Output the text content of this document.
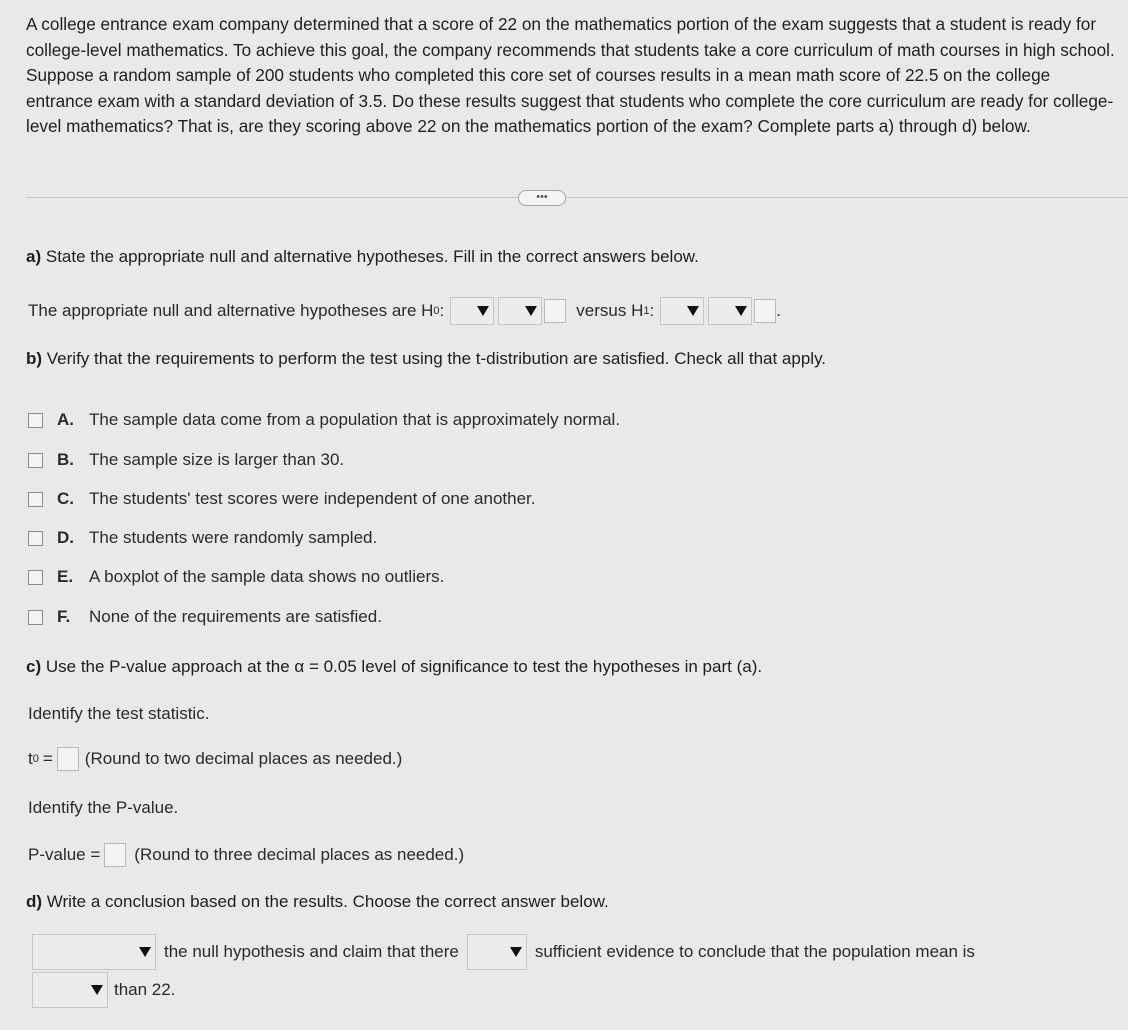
A college entrance exam company determined that a score of 22 on the mathematics portion of the exam suggests that a student is ready for college-level mathematics. To achieve this goal, the company recommends that students take a core curriculum of math courses in high school. Suppose a random sample of 200 students who completed this core set of courses results in a mean math score of 22.5 on the college entrance exam with a standard deviation of 3.5. Do these results suggest that students who complete the core curriculum are ready for college-level mathematics? That is, are they scoring above 22 on the mathematics portion of the exam? Complete parts a) through d) below.
•••
a) State the appropriate null and alternative hypotheses. Fill in the correct answers below.
The appropriate null and alternative hypotheses are H 0 :	versus H 1 :	.
b) Verify that the requirements to perform the test using the t-distribution are satisfied. Check all that apply.
A. The sample data come from a population that is approximately normal.
B. The sample size is larger than 30.
C. The students' test scores were independent of one another.
D. The students were randomly sampled.
E. A boxplot of the sample data shows no outliers.
F.	None of the requirements are satisfied.
c) Use the P-value approach at the α = 0.05 level of significance to test the hypotheses in part (a).
Identify the test statistic.
t 0 = (Round to two decimal places as needed.)
Identify the P-value.
P-value = (Round to three decimal places as needed.)
d) Write a conclusion based on the results. Choose the correct answer below.
the null hypothesis and claim that there	sufficient evidence to conclude that the population mean is
than 22.
